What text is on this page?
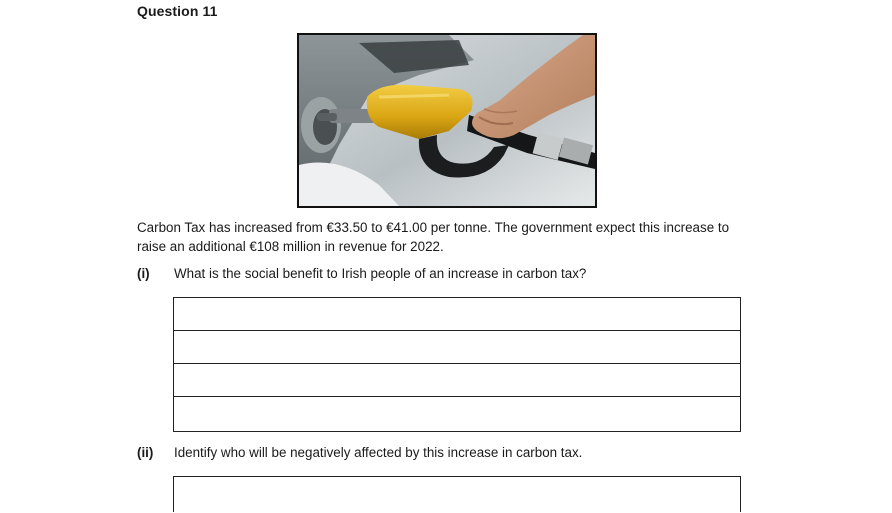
Question 11
Carbon Tax has increased from €33.50 to €41.00 per tonne. The government expect this increase to raise an additional €108 million in revenue for 2022.
(i) What is the social benefit to Irish people of an increase in carbon tax?
(ii) Identify who will be negatively affected by this increase in carbon tax.
